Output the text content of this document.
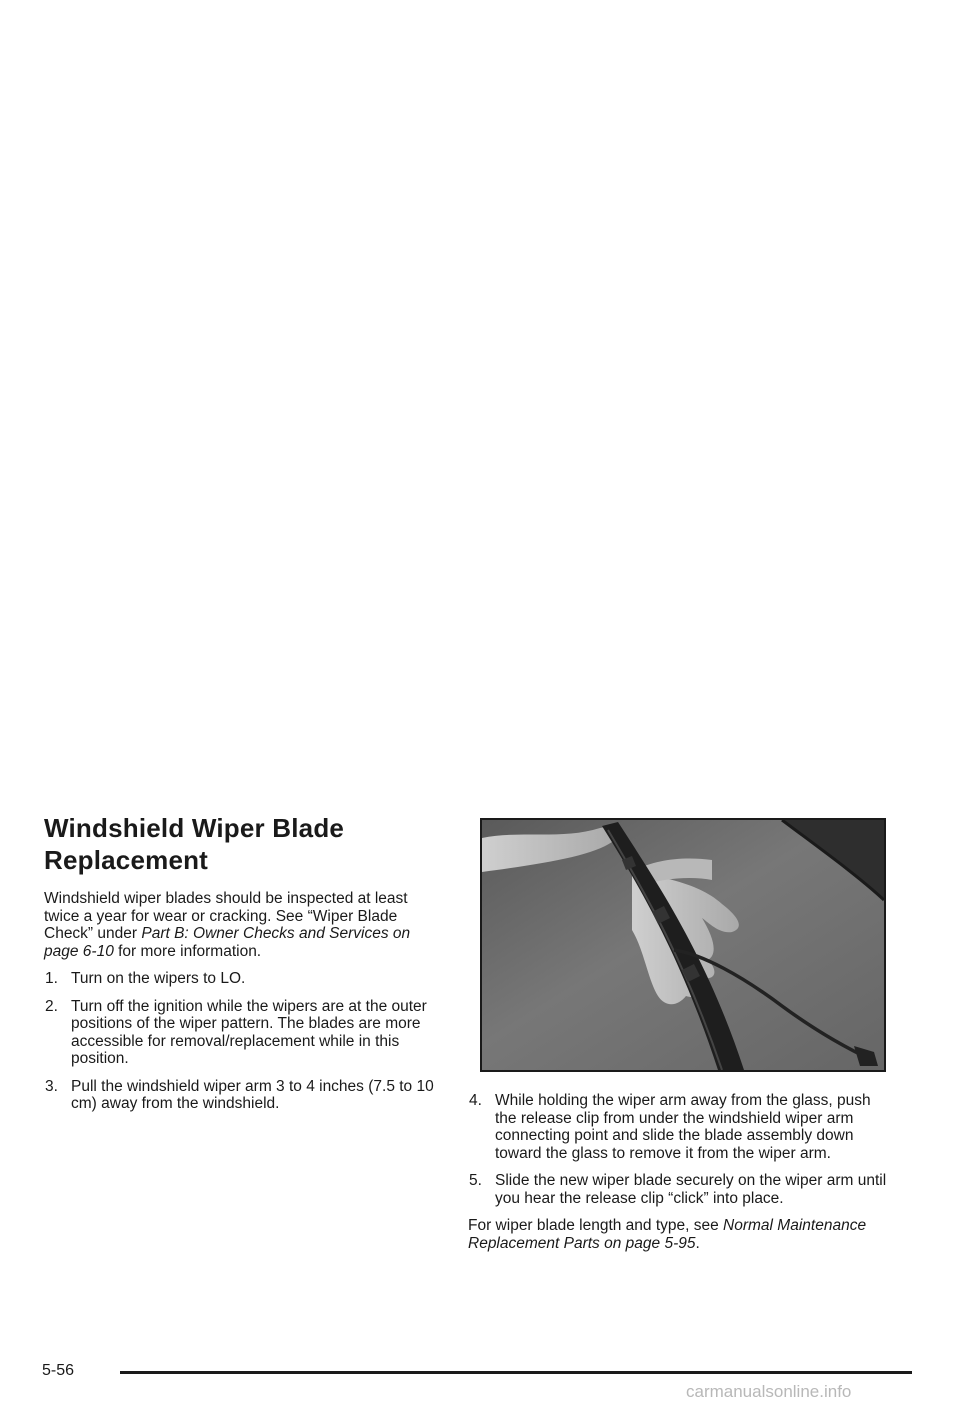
Windshield Wiper Blade
Replacement

Windshield wiper blades should be inspected at least twice a year for wear or cracking. See “Wiper Blade Check” under Part B: Owner Checks and Services on page 6-10 for more information.

1. Turn on the wipers to LO.
2. Turn off the ignition while the wipers are at the outer positions of the wiper pattern. The blades are more accessible for removal/replacement while in this position.
3. Pull the windshield wiper arm 3 to 4 inches (7.5 to 10 cm) away from the windshield.	4. While holding the wiper arm away from the glass, push the release clip from under the windshield wiper arm connecting point and slide the blade assembly down toward the glass to remove it from the wiper arm.
5. Slide the new wiper blade securely on the wiper arm until you hear the release clip “click” into place.

For wiper blade length and type, see Normal Maintenance Replacement Parts on page 5-95.

5-56
carmanualsonline.info
